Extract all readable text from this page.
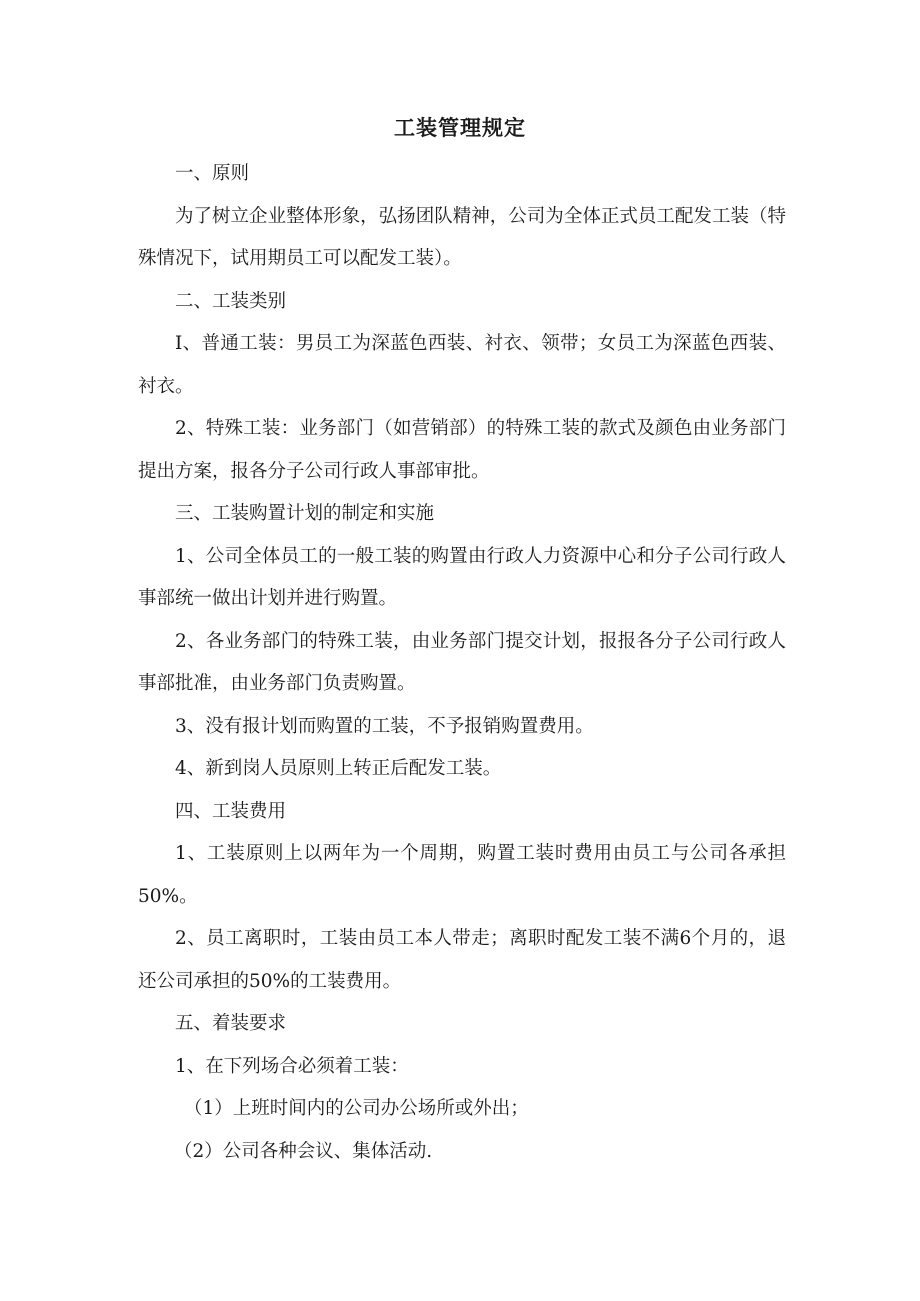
工装管理规定

一、原则

为了树立企业整体形象，弘扬团队精神，公司为全体正式员工配发工装（特殊情况下，试用期员工可以配发工装）。

二、工装类别

I、普通工装：男员工为深蓝色西装、衬衣、领带；女员工为深蓝色西装、衬衣。

2、特殊工装：业务部门（如营销部）的特殊工装的款式及颜色由业务部门提出方案，报各分子公司行政人事部审批。

三、工装购置计划的制定和实施

1、公司全体员工的一般工装的购置由行政人力资源中心和分子公司行政人事部统一做出计划并进行购置。

2、各业务部门的特殊工装，由业务部门提交计划，报报各分子公司行政人事部批准，由业务部门负责购置。

3、没有报计划而购置的工装，不予报销购置费用。

4、新到岗人员原则上转正后配发工装。

四、工装费用

1、工装原则上以两年为一个周期，购置工装时费用由员工与公司各承担50%。

2、员工离职时，工装由员工本人带走；离职时配发工装不满6个月的，退还公司承担的50%的工装费用。

五、着装要求

1、在下列场合必须着工装：

（1）上班时间内的公司办公场所或外出；

（2）公司各种会议、集体活动.
